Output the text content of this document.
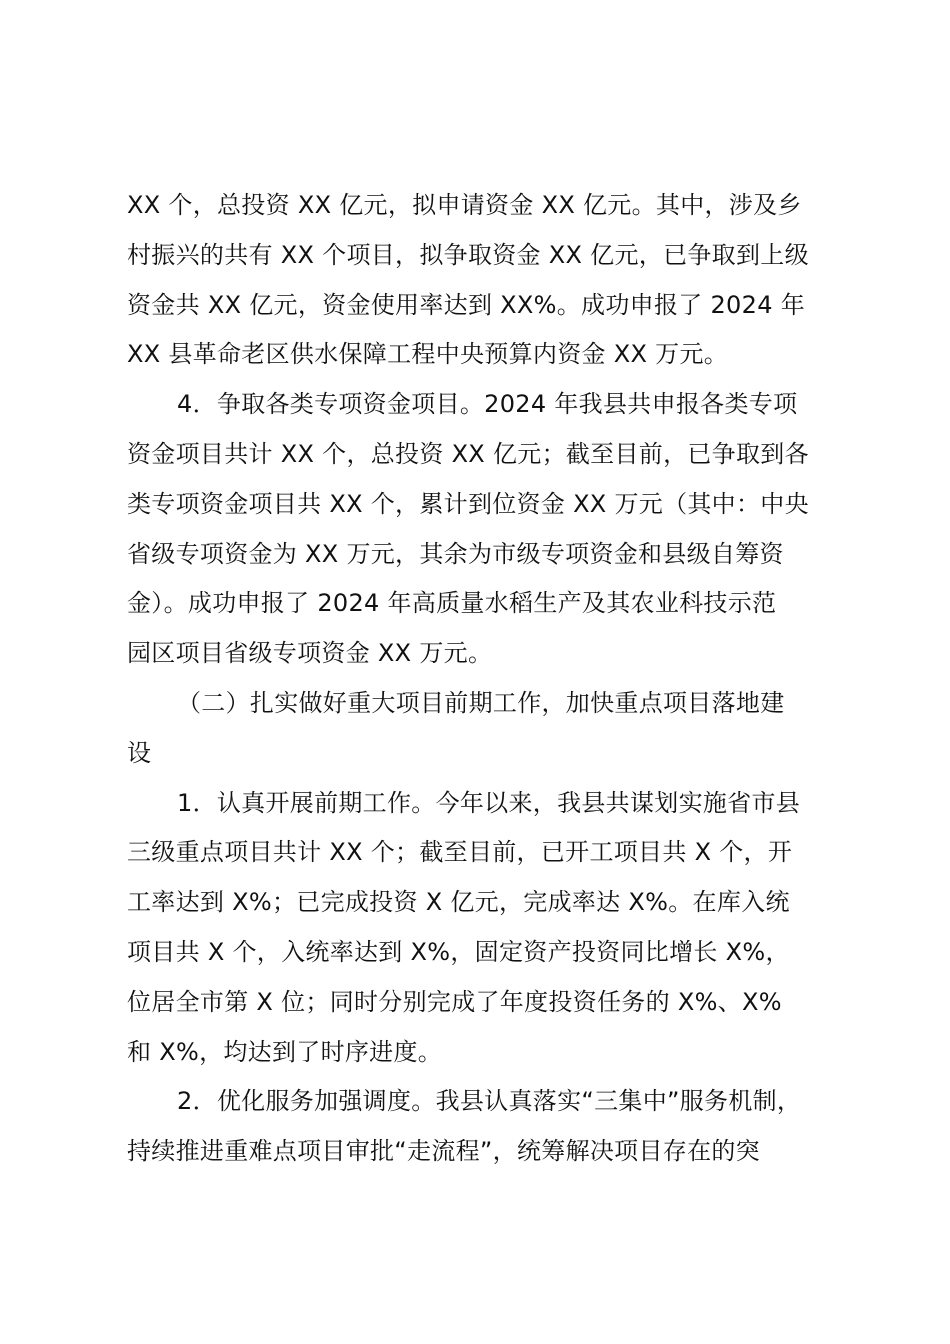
XX 个，总投资 XX 亿元，拟申请资金 XX 亿元。其中，涉及乡
村振兴的共有 XX 个项目，拟争取资金 XX 亿元，已争取到上级
资金共 XX 亿元，资金使用率达到 XX%。成功申报了 2024 年
XX 县革命老区供水保障工程中央预算内资金 XX 万元。
4．争取各类专项资金项目。2024 年我县共申报各类专项
资金项目共计 XX 个，总投资 XX 亿元；截至目前，已争取到各
类专项资金项目共 XX 个，累计到位资金 XX 万元（其中：中央
省级专项资金为 XX 万元，其余为市级专项资金和县级自筹资
金）。成功申报了 2024 年高质量水稻生产及其农业科技示范
园区项目省级专项资金 XX 万元。
（二）扎实做好重大项目前期工作，加快重点项目落地建
设
1．认真开展前期工作。今年以来，我县共谋划实施省市县
三级重点项目共计 XX 个；截至目前，已开工项目共 X 个，开
工率达到 X%；已完成投资 X 亿元，完成率达 X%。在库入统
项目共 X 个，入统率达到 X%，固定资产投资同比增长 X%，
位居全市第 X 位；同时分别完成了年度投资任务的 X%、X%
和 X%，均达到了时序进度。
2．优化服务加强调度。我县认真落实“三集中”服务机制，
持续推进重难点项目审批“走流程”，统筹解决项目存在的突
